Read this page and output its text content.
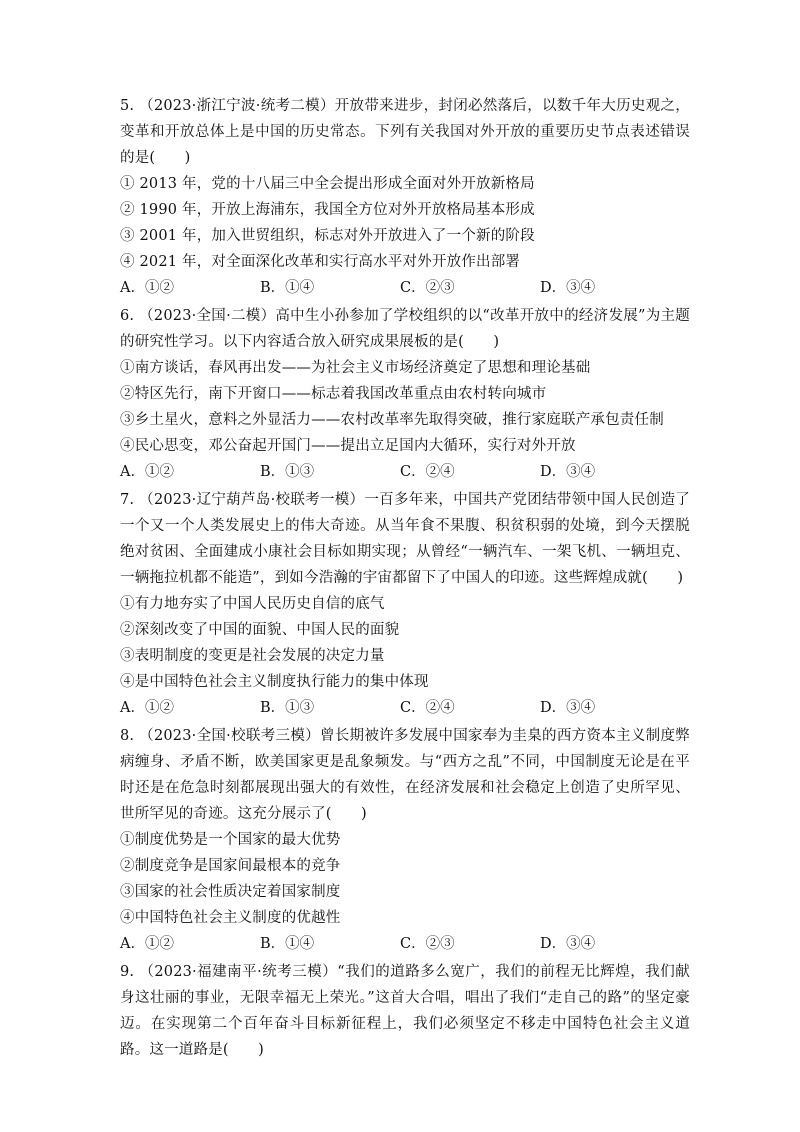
5. （2023·浙江宁波·统考二模）开放带来进步，封闭必然落后，以数千年大历史观之，变革和开放总体上是中国的历史常态。下列有关我国对外开放的重要历史节点表述错误的是(　　)
① 2013 年，党的十八届三中全会提出形成全面对外开放新格局
② 1990 年，开放上海浦东，我国全方位对外开放格局基本形成
③ 2001 年，加入世贸组织，标志对外开放进入了一个新的阶段
④ 2021 年，对全面深化改革和实行高水平对外开放作出部署
A．①②	B．①④	C．②③	D．③④
6. （2023·全国·二模）高中生小孙参加了学校组织的以“改革开放中的经济发展”为主题的研究性学习。以下内容适合放入研究成果展板的是(　　)
①南方谈话，春风再出发——为社会主义市场经济奠定了思想和理论基础
②特区先行，南下开窗口——标志着我国改革重点由农村转向城市
③乡土星火，意料之外显活力——农村改革率先取得突破，推行家庭联产承包责任制
④民心思变，邓公奋起开国门——提出立足国内大循环，实行对外开放
A．①②	B．①③	C．②④	D．③④
7. （2023·辽宁葫芦岛·校联考一模）一百多年来，中国共产党团结带领中国人民创造了一个又一个人类发展史上的伟大奇迹。从当年食不果腹、积贫积弱的处境，到今天摆脱绝对贫困、全面建成小康社会目标如期实现；从曾经“一辆汽车、一架飞机、一辆坦克、一辆拖拉机都不能造”，到如今浩瀚的宇宙都留下了中国人的印迹。这些辉煌成就(　　)
①有力地夯实了中国人民历史自信的底气
②深刻改变了中国的面貌、中国人民的面貌
③表明制度的变更是社会发展的决定力量
④是中国特色社会主义制度执行能力的集中体现
A．①②	B．①③	C．②④	D．③④
8. （2023·全国·校联考三模）曾长期被许多发展中国家奉为圭臬的西方资本主义制度弊病缠身、矛盾不断，欧美国家更是乱象频发。与“西方之乱”不同，中国制度无论是在平时还是在危急时刻都展现出强大的有效性，在经济发展和社会稳定上创造了史所罕见、世所罕见的奇迹。这充分展示了(　　)
①制度优势是一个国家的最大优势
②制度竞争是国家间最根本的竞争
③国家的社会性质决定着国家制度
④中国特色社会主义制度的优越性
A．①②	B．①④	C．②③	D．③④
9. （2023·福建南平·统考三模）“我们的道路多么宽广，我们的前程无比辉煌，我们献身这壮丽的事业，无限幸福无上荣光。”这首大合唱，唱出了我们“走自己的路”的坚定豪迈。在实现第二个百年奋斗目标新征程上，我们必须坚定不移走中国特色社会主义道路。这一道路是(　　)
